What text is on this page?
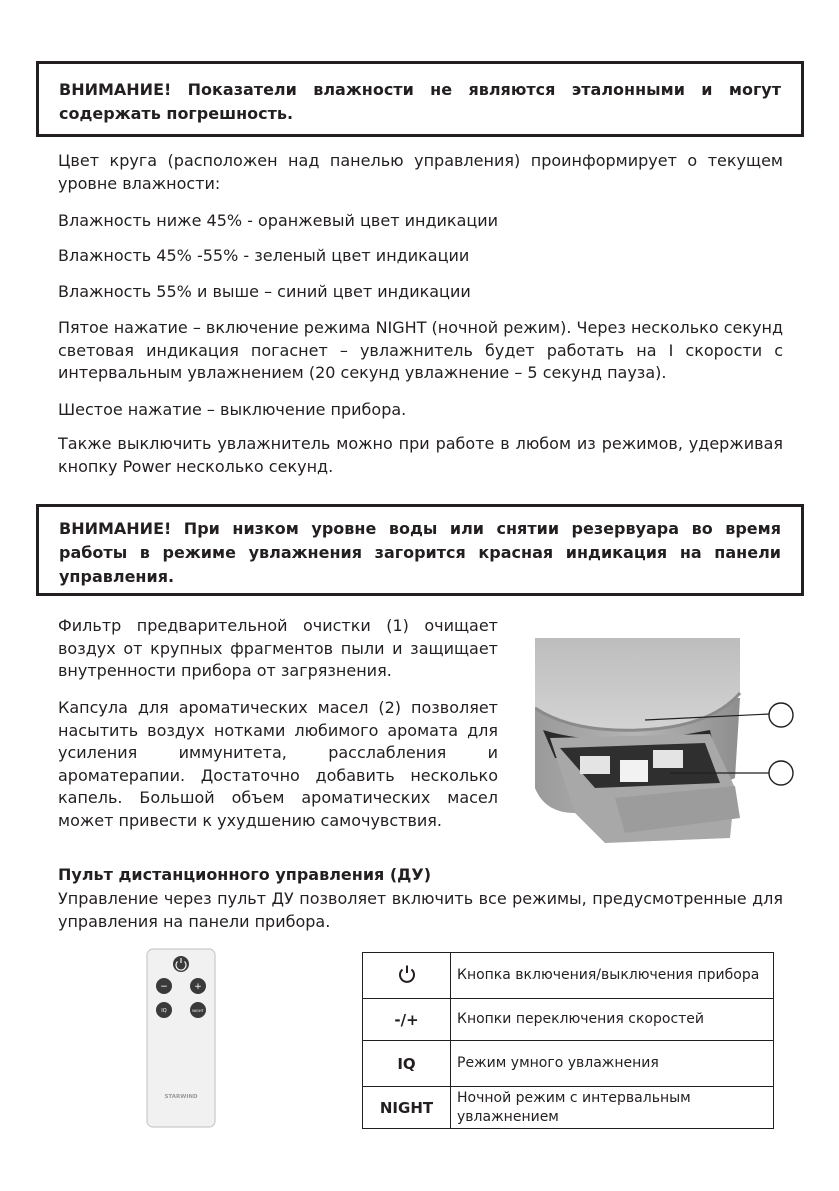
ВНИМАНИЕ! Показатели влажности не являются эталонными и могут содержать погрешность.

Цвет круга (расположен над панелью управления) проинформирует о текущем уровне влажности:

Влажность ниже 45% - оранжевый цвет индикации

Влажность 45% -55% - зеленый цвет индикации

Влажность 55% и выше – синий цвет индикации

Пятое нажатие – включение режима NIGHT (ночной режим). Через несколько секунд световая индикация погаснет – увлажнитель будет работать на I скорости с интервальным увлажнением (20 секунд увлажнение – 5 секунд пауза).

Шестое нажатие – выключение прибора.

Также выключить увлажнитель можно при работе в любом из режимов, удерживая кнопку Power несколько секунд.

ВНИМАНИЕ! При низком уровне воды или снятии резервуара во время работы в режиме увлажнения загорится красная индикация на панели управления.

Фильтр предварительной очистки (1) очищает воздух от крупных фрагментов пыли и защищает внутренности прибора от загрязнения.

Капсула для ароматических масел (2) позволяет насытить воздух нотками любимого аромата для усиления иммунитета, расслабления и ароматерапии. Достаточно добавить несколько капель. Большой объем ароматических масел может привести к ухудшению самочувствия.

Пульт дистанционного управления (ДУ)

Управление через пульт ДУ позволяет включить все режимы, предусмотренные для управления на панели прибора.

−	+
IQ	NIGHT
STARWIND
	Кнопка включения/выключения прибора
-/+	Кнопки переключения скоростей
IQ	Режим умного увлажнения
NIGHT	Ночной режим с интервальным увлажнением
